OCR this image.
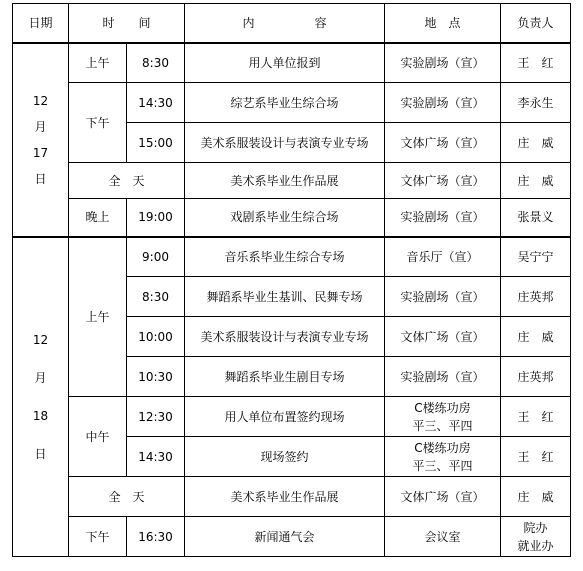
日期	时　　间		内　　　　　容	地　点	负责人

12
月
17
日	上午	8:30	用人单位报到	实验剧场（宣）	王　红
	下午	14:30	综艺系毕业生综合场	实验剧场（宣）	李永生
		15:00	美术系服装设计与表演专业专场	文体广场（宣）	庄　威
	全　天		美术系毕业生作品展	文体广场（宣）	庄　威
	晚上	19:00	戏剧系毕业生综合场	实验剧场（宣）	张景义

12
月
18
日	上午	9:00	音乐系毕业生综合专场	音乐厅（宣）	吴宁宁
		8:30	舞蹈系毕业生基训、民舞专场	实验剧场（宣）	庄英邦
		10:00	美术系服装设计与表演专业专场	文体广场（宣）	庄　威
		10:30	舞蹈系毕业生剧目专场	实验剧场（宣）	庄英邦
	中午	12:30	用人单位布置签约现场	C楼练功房
平三、平四	王　红
		14:30	现场签约	C楼练功房
平三、平四	王　红
	全　天		美术系毕业生作品展	文体广场（宣）	庄　威
	下午	16:30	新闻通气会	会议室	院办
就业办
